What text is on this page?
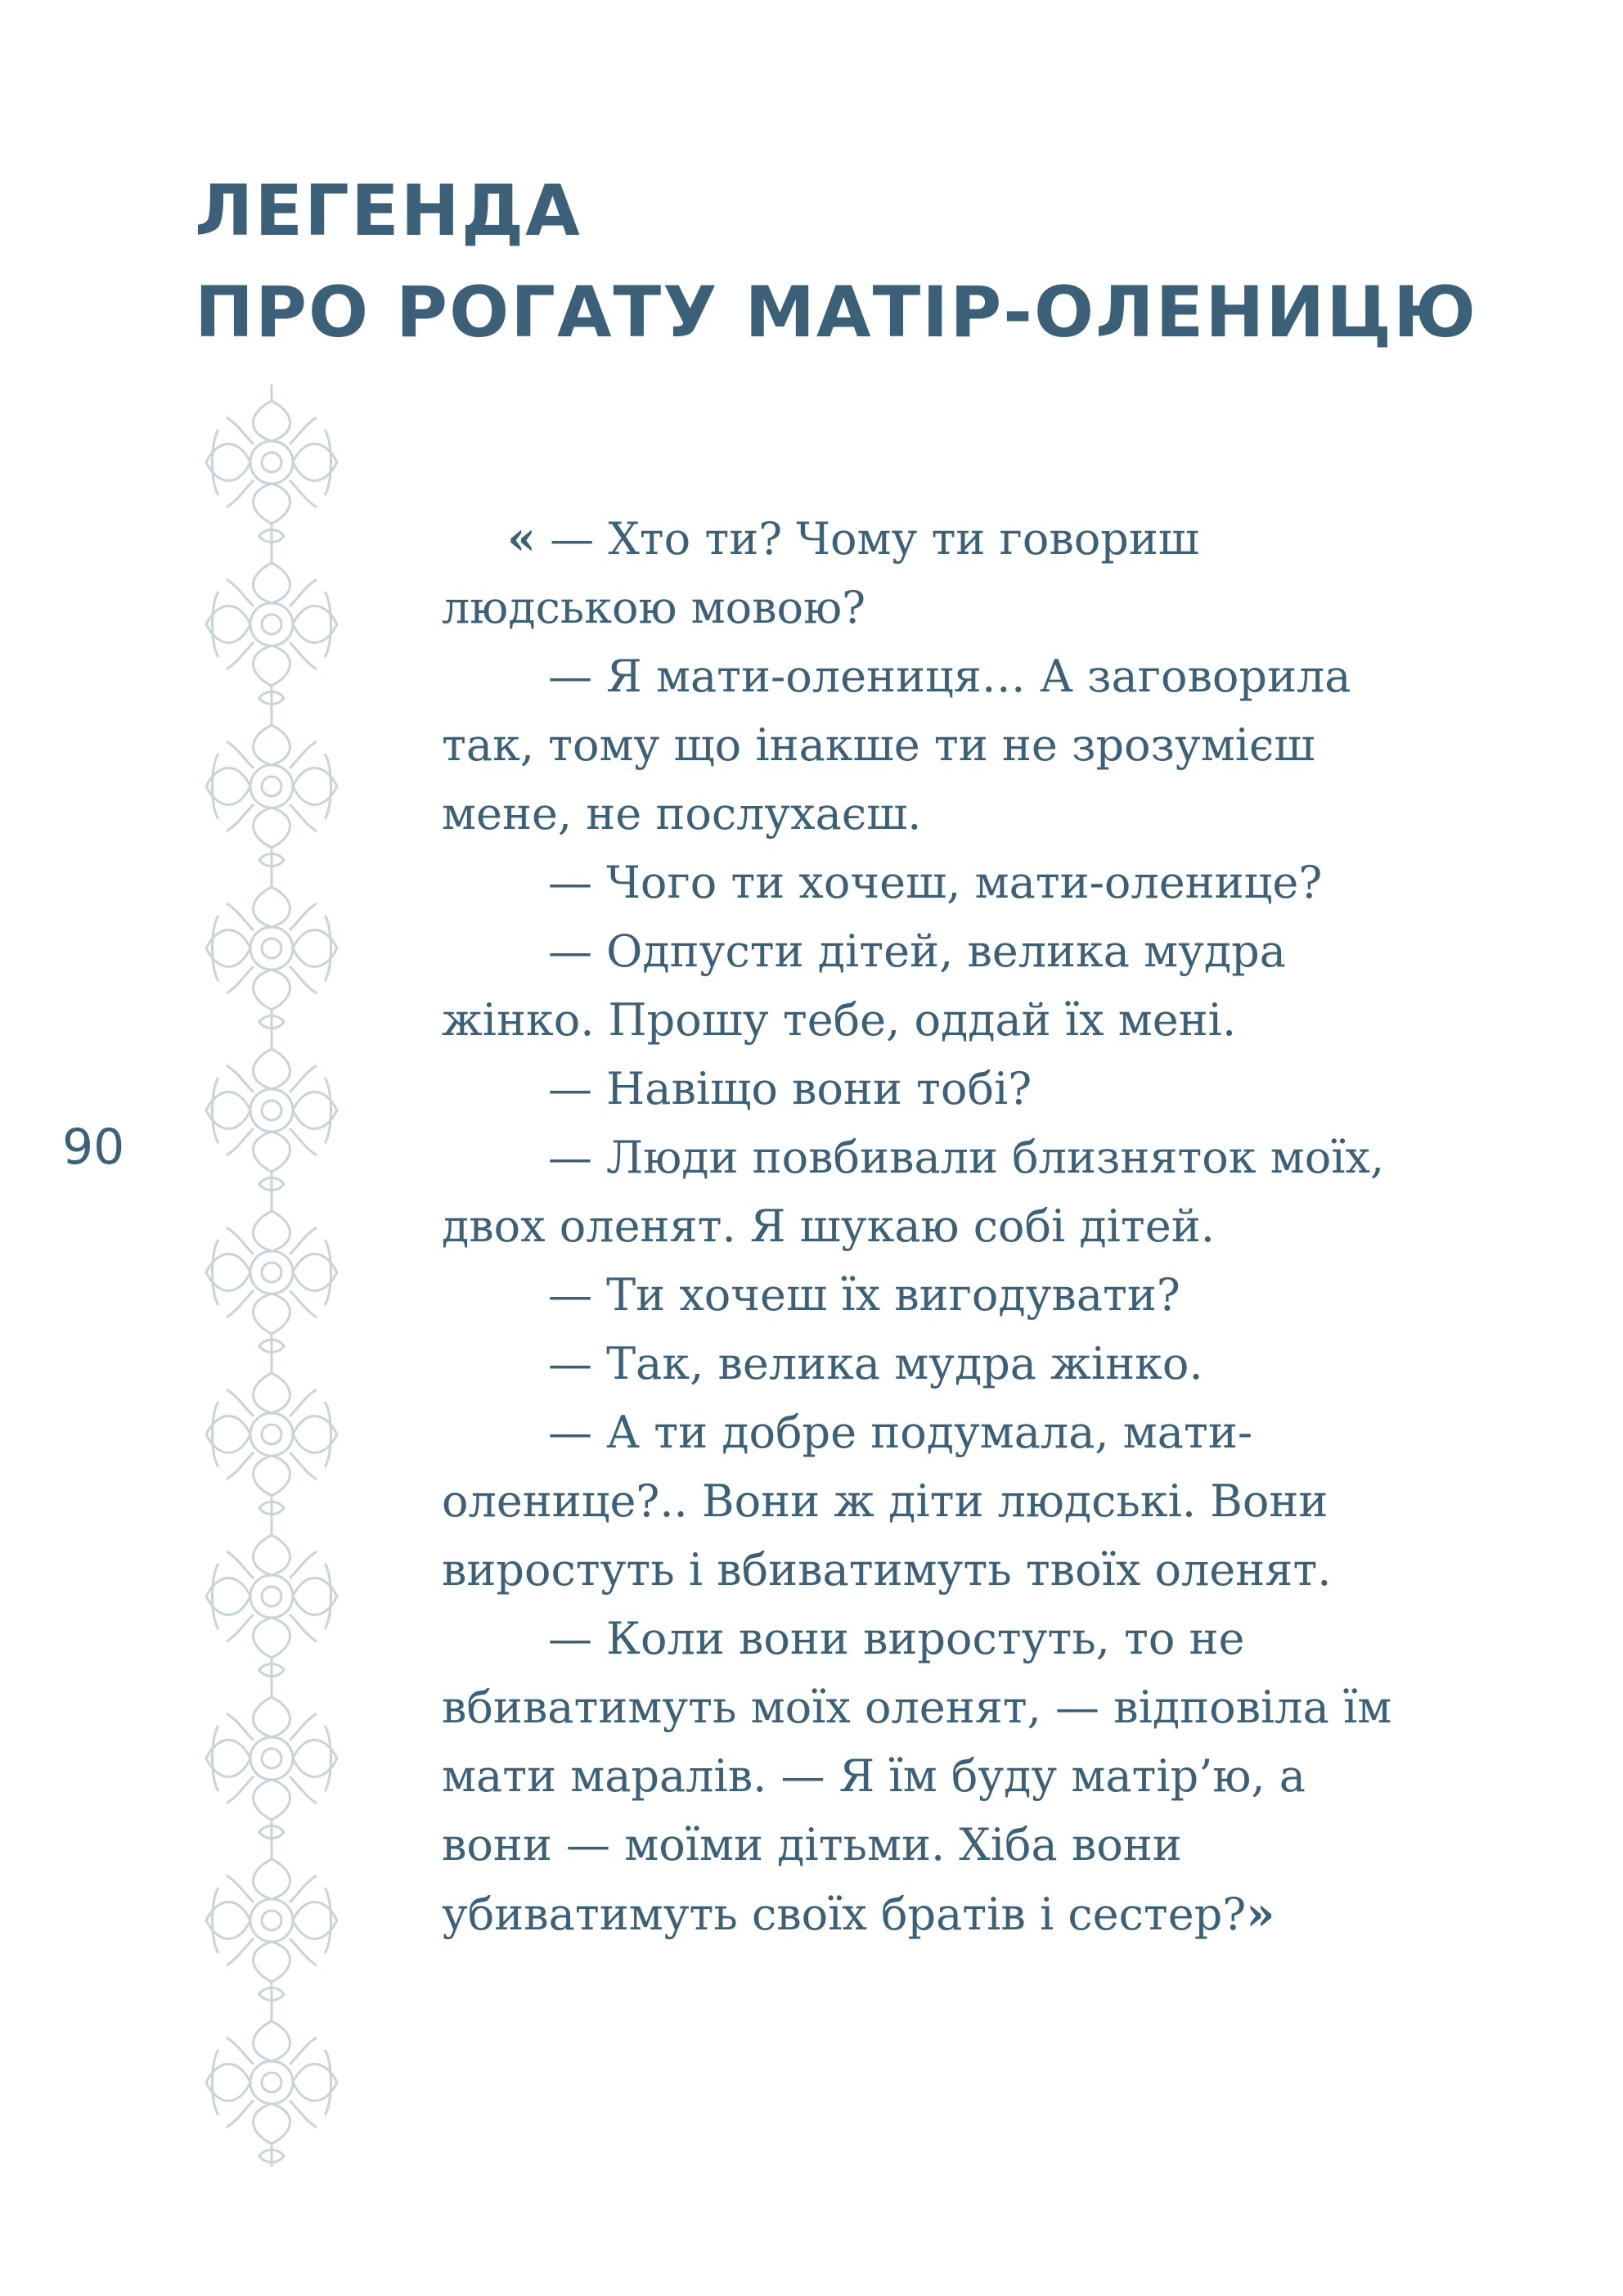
ЛЕГЕНДА
ПРО РОГАТУ МАТІР-ОЛЕНИЦЮ
90

« — Хто ти? Чому ти говориш людською мовою?

— Я мати-олениця… А заговорила так, тому що інакше ти не зрозумієш мене, не послухаєш.

— Чого ти хочеш, мати-оленице?

— Одпусти дітей, велика мудра жінко. Прошу тебе, оддай їх мені.

— Навіщо вони тобі?

— Люди повбивали близняток моїх, двох оленят. Я шукаю собі дітей.

— Ти хочеш їх вигодувати?

— Так, велика мудра жінко.

— А ти добре подумала, мати-оленице?.. Вони ж діти людські. Вони виростуть і вбиватимуть твоїх оленят.

— Коли вони виростуть, то не вбиватимуть моїх оленят, — відповіла їм мати маралів. — Я їм буду матір’ю, а вони — моїми дітьми. Хіба вони убиватимуть своїх братів і сестер?»
